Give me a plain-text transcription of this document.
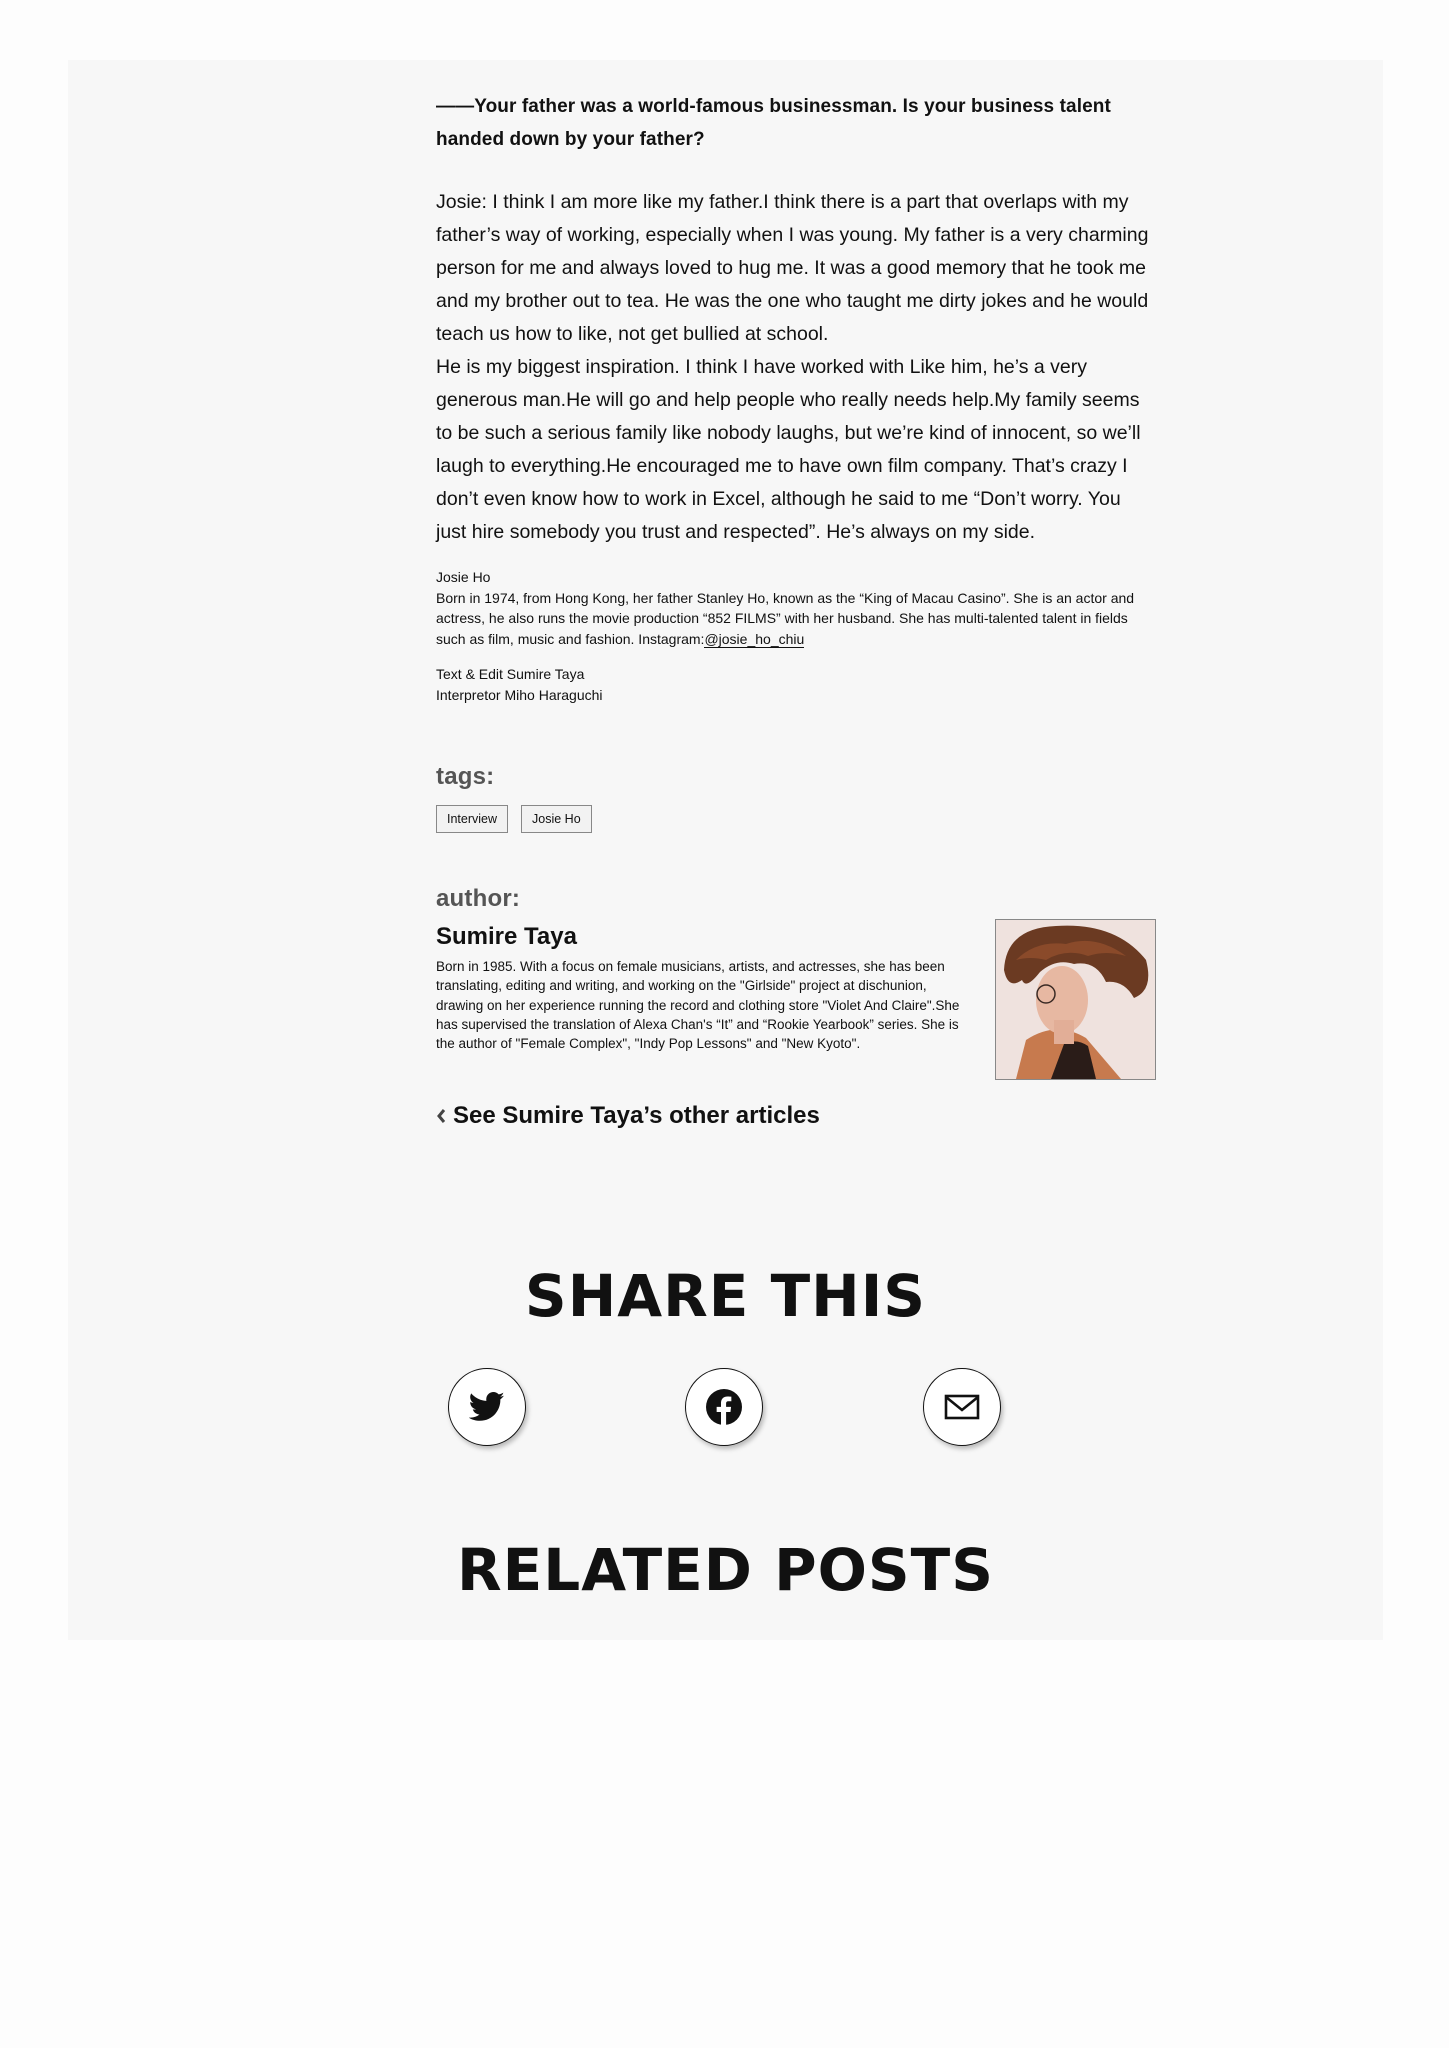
——Your father was a world-famous businessman. Is your business talent handed down by your father?

Josie: I think I am more like my father.I think there is a part that overlaps with my father’s way of working, especially when I was young. My father is a very charming person for me and always loved to hug me. It was a good memory that he took me and my brother out to tea. He was the one who taught me dirty jokes and he would teach us how to like, not get bullied at school.

He is my biggest inspiration. I think I have worked with Like him, he’s a very generous man.He will go and help people who really needs help.My family seems to be such a serious family like nobody laughs, but we’re kind of innocent, so we’ll laugh to everything.He encouraged me to have own film company. That’s crazy I don’t even know how to work in Excel, although he said to me “Don’t worry. You just hire somebody you trust and respected”. He’s always on my side.

Josie Ho

Born in 1974, from Hong Kong, her father Stanley Ho, known as the “King of Macau Casino”. She is an actor and actress, he also runs the movie production “852 FILMS” with her husband. She has multi-talented talent in fields such as film, music and fashion. Instagram:@josie_ho_chiu

Text & Edit Sumire Taya

Interpretor Miho Haraguchi

tags:

Interview	Josie Ho

author:

Sumire Taya

Born in 1985. With a focus on female musicians, artists, and actresses, she has been translating, editing and writing, and working on the "Girlside" project at dischunion, drawing on her experience running the record and clothing store "Violet And Claire".She has supervised the translation of Alexa Chan's “It” and “Rookie Yearbook” series. She is the author of "Female Complex", "Indy Pop Lessons" and "New Kyoto".

See Sumire Taya’s other articles
SHARE THIS
RELATED POSTS
